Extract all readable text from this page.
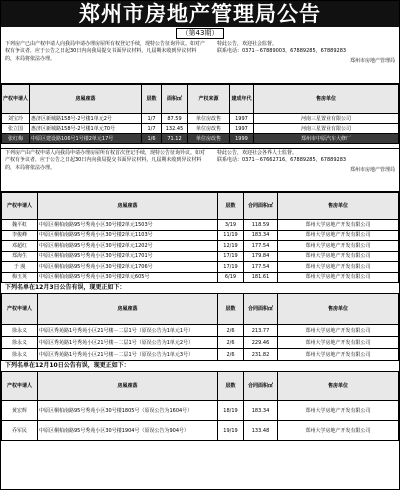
郑州市房地产管理局公告
（第43期）

下列房产已由产权申请人向我局申请办理房屋所有权登记手续，现特公告征询异议。如对产权有争议者，应于公告之日起30日内向我局提交书面异议材料，凡届期未收到异议材料的，本局将依法办理。

特此公告，欢迎社会监督。

联系电话：0371－67889003，67889285，67889283

郑州市房地产管理局

产权申请人	房屋座落	层数	面积㎡	产权来源	建成年代	售房单位
刘宝玲	惠济区新城路158号-2号楼1单元2号	1/7	87.59	单位房改售	1997	河南三星置业有限公司
张立国	惠济区新城路158号-2号楼1单元70号	1/7	132.45	单位房改售	1997	河南三星置业有限公司
张红梅	中原区建设路106号1号楼2单元17号	1/6	71.12	单位房改售	1999	郑州市中原汽车大修厂

下列房产由产权申请人向我局申请办理房屋所有权首次登记手续，现特公告征询异议。如对产权有争议者，应于公告之日起30日内向我局提交书面异议材料，凡届期未收到异议材料的，本局将依法办理。

特此公告，欢迎社会各界人士监督。

联系电话：0371－67662716，67889285，67889283

郑州市房地产管理局

产权申请人	房屋座落	层数	合同面积㎡	售房单位
魏平虹	中原区桐柏南路95号秀苑小区30号楼2单元1503号	3/19	118.59	郑州大学房地产开发有限公司
李俊峰	中原区桐柏南路95号秀苑小区30号楼2单元1103号	11/19	183.34	郑州大学房地产开发有限公司
邓超红	中原区桐柏南路95号秀苑小区30号楼2单元1202号	12/19	177.54	郑州大学房地产开发有限公司
郑海生	中原区桐柏南路95号秀苑小区30号楼2单元1701号	17/19	179.84	郑州大学房地产开发有限公司
于 漫	中原区桐柏南路95号秀苑小区30号楼2单元1706号	17/19	177.54	郑州大学房地产开发有限公司
梅玉英	中原区桐柏南路95号秀苑小区30号楼2单元605号	6/19	181.61	郑州大学房地产开发有限公司
下列名单在12月3日公告有误，现更正如下：
产权申请人	房屋座落	层数	合同面积㎡	售房单位
徐永义	中原区秀苑路1号秀苑小区21号楼－二层1号（原误公告为1单元1号）	2/6	213.77	郑州大学房地产开发有限公司
徐永义	中原区秀苑路1号秀苑小区21号楼－二层1号（原误公告为1单元2号）	2/6	229.46	郑州大学房地产开发有限公司
徐永义	中原区秀苑路1号秀苑小区21号楼－二层1号（原误公告为1单元3号）	2/6	231.82	郑州大学房地产开发有限公司
下列名单在12月10日公告有误，现更正如下：
产权申请人	房屋座落	层数	合同面积㎡	售房单位
黄宏辉	中原区桐柏南路95号秀苑小区30号楼1805号（原误公告为1604号）	18/19	183.34	郑州大学房地产开发有限公司
乔军民	中原区桐柏南路95号秀苑小区30号楼1904号（原误公告为904号）	19/19	133.48	郑州大学房地产开发有限公司
